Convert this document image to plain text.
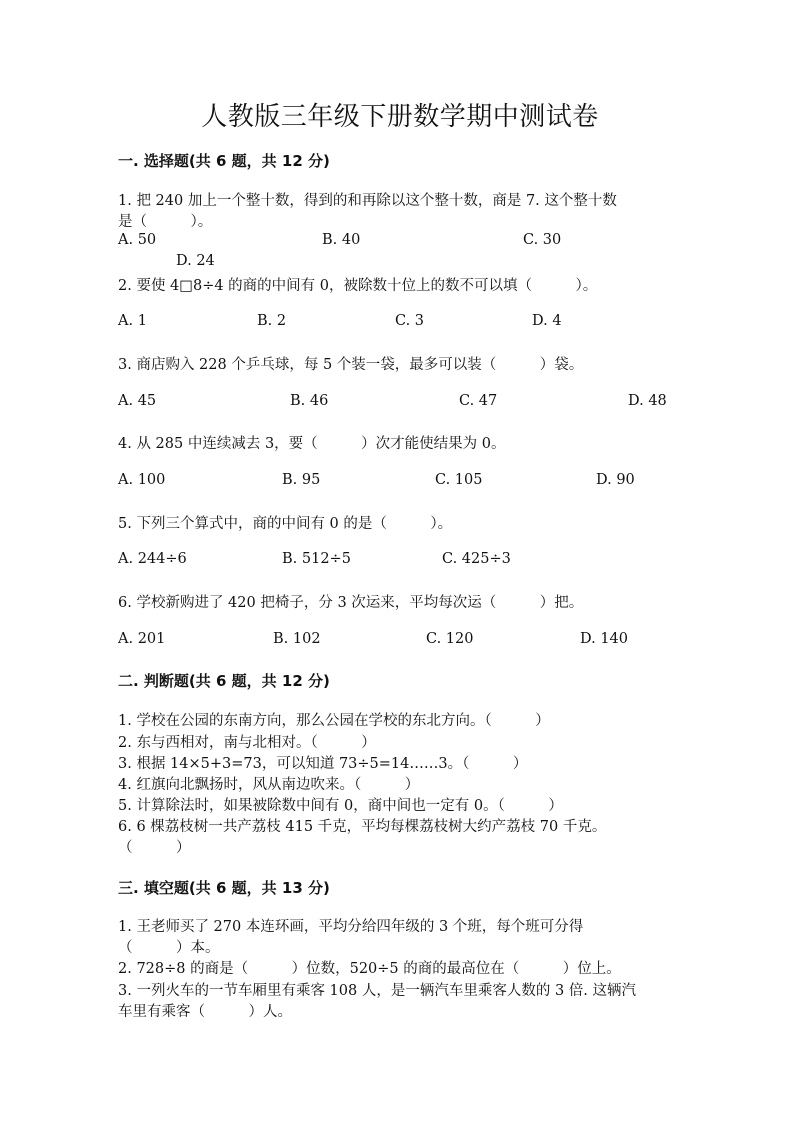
人教版三年级下册数学期中测试卷
一. 选择题(共 6 题，共 12 分)
1. 把 240 加上一个整十数，得到的和再除以这个整十数，商是 7. 这个整十数
是（　　　）。
A. 50	B. 40	C. 30
D. 24
2. 要使 4□8÷4 的商的中间有 0，被除数十位上的数不可以填（　　　）。
A. 1	B. 2	C. 3	D. 4
3. 商店购入 228 个乒乓球，每 5 个装一袋，最多可以装（　　　）袋。
A. 45	B. 46	C. 47	D. 48
4. 从 285 中连续减去 3，要（　　　）次才能使结果为 0。
A. 100	B. 95	C. 105	D. 90
5. 下列三个算式中，商的中间有 0 的是（　　　）。
A. 244÷6	B. 512÷5	C. 425÷3
6. 学校新购进了 420 把椅子，分 3 次运来，平均每次运（　　　）把。
A. 201	B. 102	C. 120	D. 140
二. 判断题(共 6 题，共 12 分)
1. 学校在公园的东南方向，那么公园在学校的东北方向。（　　　）
2. 东与西相对，南与北相对。（　　　）
3. 根据 14×5+3=73，可以知道 73÷5=14……3。（　　　）
4. 红旗向北飘扬时，风从南边吹来。（　　　）
5. 计算除法时，如果被除数中间有 0，商中间也一定有 0。（　　　）
6. 6 棵荔枝树一共产荔枝 415 千克，平均每棵荔枝树大约产荔枝 70 千克。
（　　　）
三. 填空题(共 6 题，共 13 分)
1. 王老师买了 270 本连环画，平均分给四年级的 3 个班，每个班可分得
（　　　）本。
2. 728÷8 的商是（　　　）位数，520÷5 的商的最高位在（　　　）位上。
3. 一列火车的一节车厢里有乘客 108 人，是一辆汽车里乘客人数的 3 倍. 这辆汽
车里有乘客（　　　）人。
